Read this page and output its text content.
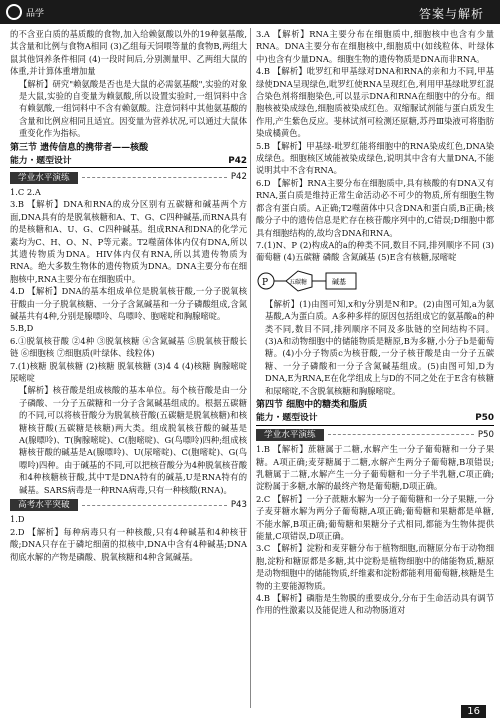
品学	答案与解析

的不含亚白质的基质酸的食物,加入给赖氨酸以外的19种氨基酸,其含量和比例与食物A相同 (3)乙组每天饲喂等量的食物B,两组大鼠其他饲养条件相同 (4)一段时间后,分别测量甲、乙两组大鼠的体重,并计算体重增加量

【解析】研究"赖氨酸是否也是大鼠的必需氨基酸",实验的对象是大鼠,实验的自变量为赖氨酸,所以设置实验时,一组饲料中含有赖氨酸,一组饲料中不含有赖氨酸。注意饲料中其他氨基酸的含量和比例应相同且适宜。因变量为营养状况,可以通过大鼠体重变化作为指标。

第三节 遗传信息的携带者——核酸
能力・题型设计	P42
学业水平演练	P42

1.C 2.A

3.B 【解析】DNA和RNA的成分区别有五碳糖和碱基两个方面,DNA具有的是脱氧核糖和A、T、G、C四种碱基,而RNA具有的是核糖和A、U、G、C四种碱基。组成RNA和DNA的化学元素均为C、H、O、N、P等元素。T2噬菌体体内仅有DNA,所以其遗传物质为DNA。HIV体内仅有RNA,所以其遗传物质为RNA。绝大多数生物体的遗传物质为DNA。DNA主要分布在细胞核中,RNA主要分布在细胞质中。

4.D 【解析】DNA的基本组成单位是脱氧核苷酸,一分子脱氧核苷酸由一分子脱氧核糖、一分子含氮碱基和一分子磷酸组成,含氮碱基共有4种,分别是腺嘌呤、鸟嘌呤、胞嘧啶和胸腺嘧啶。

5.B,D

6.①脱氧核苷酸 ②4种 ③脱氧核糖 ④含氮碱基 ⑤脱氧核苷酸长链 ⑥细胞核 ⑦细胞质(叶绿体、线粒体)

7.(1)核糖 脱氧核糖 (2)核糖 脱氧核糖 (3)4 4 (4)核糖 胸腺嘧啶 尿嘧啶

【解析】核苷酸是组成核酸的基本单位。每个核苷酸是由一分子磷酸、一分子五碳糖和一分子含氮碱基组成的。根据五碳糖的不同,可以将核苷酸分为脱氧核苷酸(五碳糖是脱氧核糖)和核糖核苷酸(五碳糖是核糖)两大类。组成脱氧核苷酸的碱基是A(腺嘌呤)、T(胸腺嘧啶)、C(胞嘧啶)、G(鸟嘌呤)四种;组成核糖核苷酸的碱基是A(腺嘌呤)、U(尿嘧啶)、C(胞嘧啶)、G(鸟嘌呤)四种。由于碱基的不同,可以把核苷酸分为4种脱氧核苷酸和4种核糖核苷酸,其中T是DNA特有的碱基,U是RNA特有的碱基。SARS病毒是一种RNA病毒,只有一种核酸(RNA)。

高考水平突破	P43

1.D

2.D 【解析】每种病毒只有一种核酸,只有4种碱基和4种核苷酸;DNA只存在于磷坨细菌的拟核中,DNA中含有4种碱基;DNA彻底水解的产物是磷酸、脱氧核糖和4种含氮碱基。

3.A 【解析】RNA主要分布在细胞质中,细胞核中也含有少量RNA。DNA主要分布在细胞核中,细胞质中(如线粒体、叶绿体中)也含有少量DNA。细胞生物的遗传物质是DNA而非RNA。

4.B 【解析】吡罗红和甲基绿对DNA和RNA的亲和力不同,甲基绿使DNA呈现绿色,吡罗红使RNA呈现红色,利用甲基绿吡罗红混合染色剂将细胞染色,可以显示DNA和RNA在细胞中的分布。细胞核被染成绿色,细胞质被染成红色。双缩脲试剂能与蛋白质发生作用,产生紫色反应。斐林试剂可检测还原糖,苏丹Ⅲ染液可将脂肪染成橘黄色。

5.B 【解析】甲基绿-吡罗红能将细胞中的RNA染成红色,DNA染成绿色。细胞核区域能被染成绿色,说明其中含有大量DNA,不能说明其中不含有RNA。

6.D 【解析】RNA主要分布在细胞质中,具有核酸的有DNA又有RNA,蛋白质是维持正常生命活动必不可少的物质,所有细胞生物都含有蛋白质。A正确;T2噬菌体中只含DNA和蛋白质,B正确;核酸分子中的遗传信息是贮存在核苷酸序列中的,C错误;D细胞中都具有细胞结构的,故均含DNA和RNA。

7.(1)N、P (2)构成A的a的种类不同,数目不同,排列顺序不同 (3)葡萄糖 (4)五碳糖 磷酸 含氮碱基 (5)E含有核糖,尿嘧啶

P	五碳糖	碱基

【解析】(1)由图可知,x和y分别是N和P。(2)由图可知,a为氨基酸,A为蛋白质。A多种多样的原因包括组成它的氨基酸a的种类不同,数目不同,排列顺序不同及多肽链的空间结构不同。(3)A和动物细胞中的储能物质是糖原,B为多糖,小分子b是葡萄糖。(4)小分子物质c为核苷酸,一分子核苷酸是由一分子五碳糖、一分子磷酸和一分子含氮碱基组成。(5)由图可知,D为DNA,E为RNA,E在化学组成上与D的不同之处在于E含有核糖和尿嘧啶,不含脱氧核糖和胸腺嘧啶。

第四节 细胞中的糖类和脂质
能力・题型设计	P50
学业水平演练	P50

1.B 【解析】蔗糖属于二糖,水解产生一分子葡萄糖和一分子果糖。A项正确;麦芽糖属于二糖,水解产生两分子葡萄糖,B项错误;乳糖属于二糖,水解产生一分子葡萄糖和一分子半乳糖,C项正确;淀粉属于多糖,水解的最终产物是葡萄糖,D项正确。

2.C 【解析】一分子蔗糖水解为一分子葡萄糖和一分子果糖,一分子麦芽糖水解为两分子葡萄糖,A项正确;葡萄糖和果糖都是单糖,不能水解,B项正确;葡萄糖和果糖分子式相同,都能为生物体提供能量,C项错误,D项正确。

3.C 【解析】淀粉和麦芽糖分布于植物细胞,而糖原分布于动物细胞,淀粉和糖原都是多糖,其中淀粉是植物细胞中的储能物质,糖原是动物细胞中的储能物质,纤维素和淀粉都能利用葡萄糖,核糖是生物的主要能源物质。

4.B 【解析】磷脂是生物膜的重要成分,分布于生命活动具有调节作用的性激素以及能促进人和动物肠道对

16
